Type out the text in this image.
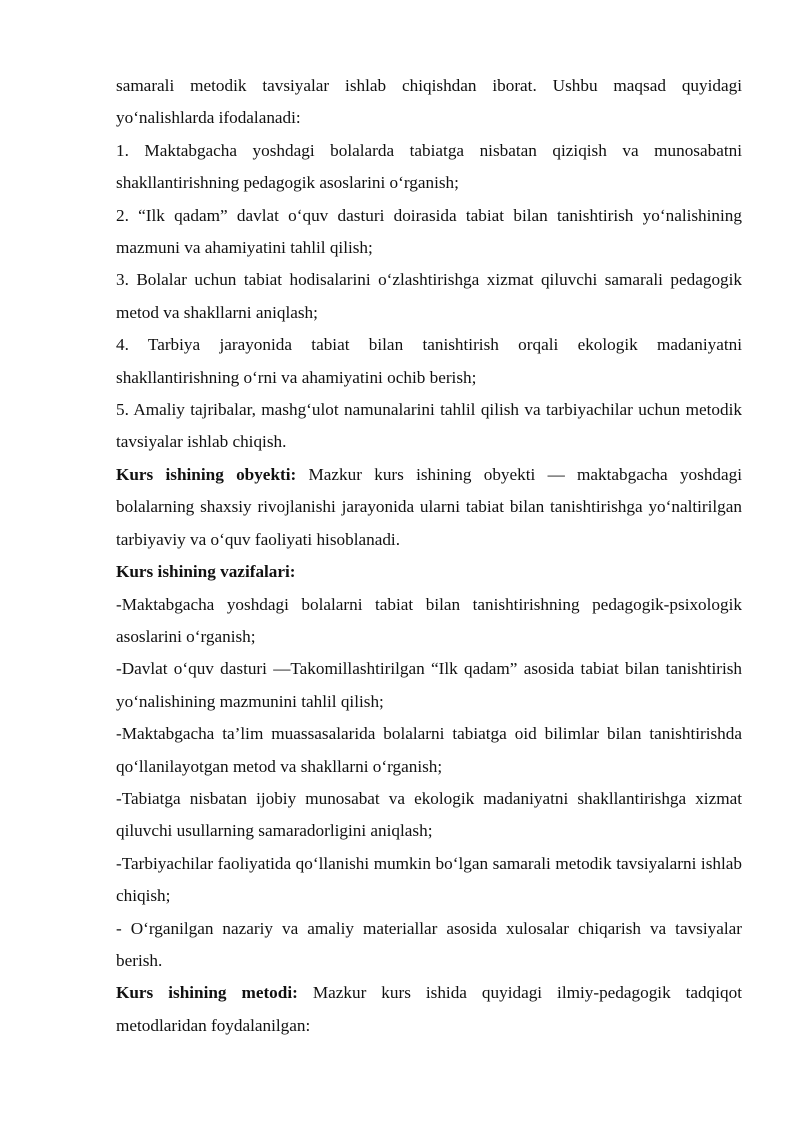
samarali metodik tavsiyalar ishlab chiqishdan iborat. Ushbu maqsad quyidagi yo‘nalishlarda ifodalanadi:

1. Maktabgacha yoshdagi bolalarda tabiatga nisbatan qiziqish va munosabatni shakllantirishning pedagogik asoslarini o‘rganish;

2. “Ilk qadam” davlat o‘quv dasturi doirasida tabiat bilan tanishtirish yo‘nalishining mazmuni va ahamiyatini tahlil qilish;

3. Bolalar uchun tabiat hodisalarini o‘zlashtirishga xizmat qiluvchi samarali pedagogik metod va shakllarni aniqlash;

4. Tarbiya jarayonida tabiat bilan tanishtirish orqali ekologik madaniyatni shakllantirishning o‘rni va ahamiyatini ochib berish;

5. Amaliy tajribalar, mashg‘ulot namunalarini tahlil qilish va tarbiyachilar uchun metodik tavsiyalar ishlab chiqish.

Kurs ishining obyekti: Mazkur kurs ishining obyekti — maktabgacha yoshdagi bolalarning shaxsiy rivojlanishi jarayonida ularni tabiat bilan tanishtirishga yo‘naltirilgan tarbiyaviy va o‘quv faoliyati hisoblanadi.

Kurs ishining vazifalari:

-Maktabgacha yoshdagi bolalarni tabiat bilan tanishtirishning pedagogik-psixologik asoslarini o‘rganish;

-Davlat o‘quv dasturi —Takomillashtirilgan “Ilk qadam” asosida tabiat bilan tanishtirish yo‘nalishining mazmunini tahlil qilish;

-Maktabgacha ta’lim muassasalarida bolalarni tabiatga oid bilimlar bilan tanishtirishda qo‘llanilayotgan metod va shakllarni o‘rganish;

-Tabiatga nisbatan ijobiy munosabat va ekologik madaniyatni shakllantirishga xizmat qiluvchi usullarning samaradorligini aniqlash;

-Tarbiyachilar faoliyatida qo‘llanishi mumkin bo‘lgan samarali metodik tavsiyalarni ishlab chiqish;

- O‘rganilgan nazariy va amaliy materiallar asosida xulosalar chiqarish va tavsiyalar berish.

Kurs ishining metodi: Mazkur kurs ishida quyidagi ilmiy-pedagogik tadqiqot metodlaridan foydalanilgan:
